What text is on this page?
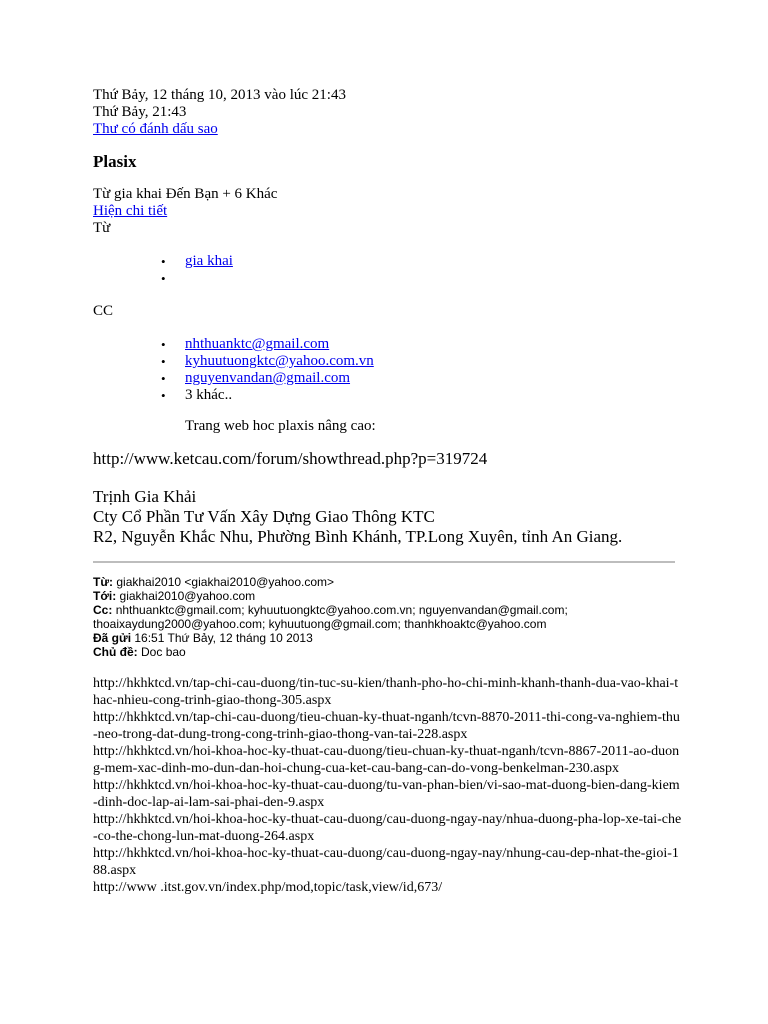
Thứ Bảy, 12 tháng 10, 2013 vào lúc 21:43
Thứ Bảy, 21:43
Thư có đánh dấu sao
Plasix
Từ gia khai Đến Bạn + 6 Khác
Hiện chi tiết
Từ
• gia khai
•
CC
• nhthuanktc@gmail.com
• kyhuutuongktc@yahoo.com.vn
• nguyenvandan@gmail.com
• 3 khác..
Trang web hoc plaxis nâng cao:
http://www.ketcau.com/forum/showthread.php?p=319724
Trịnh Gia Khải
Cty Cổ Phần Tư Vấn Xây Dựng Giao Thông KTC
R2, Nguyễn Khắc Nhu, Phường Bình Khánh, TP.Long Xuyên, tỉnh An Giang.
Từ: giakhai2010 <giakhai2010@yahoo.com>
Tới: giakhai2010@yahoo.com
Cc: nhthuanktc@gmail.com; kyhuutuongktc@yahoo.com.vn; nguyenvandan@gmail.com;
thoaixaydung2000@yahoo.com; kyhuutuong@gmail.com; thanhkhoaktc@yahoo.com
Đã gửi 16:51 Thứ Bảy, 12 tháng 10 2013
Chủ đề: Doc bao
http://hkhktcd.vn/tap-chi-cau-duong/tin-tuc-su-kien/thanh-pho-ho-chi-minh-khanh-thanh-dua-vao-khai-thac-nhieu-cong-trinh-giao-thong-305.aspx
http://hkhktcd.vn/tap-chi-cau-duong/tieu-chuan-ky-thuat-nganh/tcvn-8870-2011-thi-cong-va-nghiem-thu-neo-trong-dat-dung-trong-cong-trinh-giao-thong-van-tai-228.aspx
http://hkhktcd.vn/hoi-khoa-hoc-ky-thuat-cau-duong/tieu-chuan-ky-thuat-nganh/tcvn-8867-2011-ao-duong-mem-xac-dinh-mo-dun-dan-hoi-chung-cua-ket-cau-bang-can-do-vong-benkelman-230.aspx
http://hkhktcd.vn/hoi-khoa-hoc-ky-thuat-cau-duong/tu-van-phan-bien/vi-sao-mat-duong-bien-dang-kiem-dinh-doc-lap-ai-lam-sai-phai-den-9.aspx
http://hkhktcd.vn/hoi-khoa-hoc-ky-thuat-cau-duong/cau-duong-ngay-nay/nhua-duong-pha-lop-xe-tai-che-co-the-chong-lun-mat-duong-264.aspx
http://hkhktcd.vn/hoi-khoa-hoc-ky-thuat-cau-duong/cau-duong-ngay-nay/nhung-cau-dep-nhat-the-gioi-188.aspx
http://www .itst.gov.vn/index.php/mod,topic/task,view/id,673/
